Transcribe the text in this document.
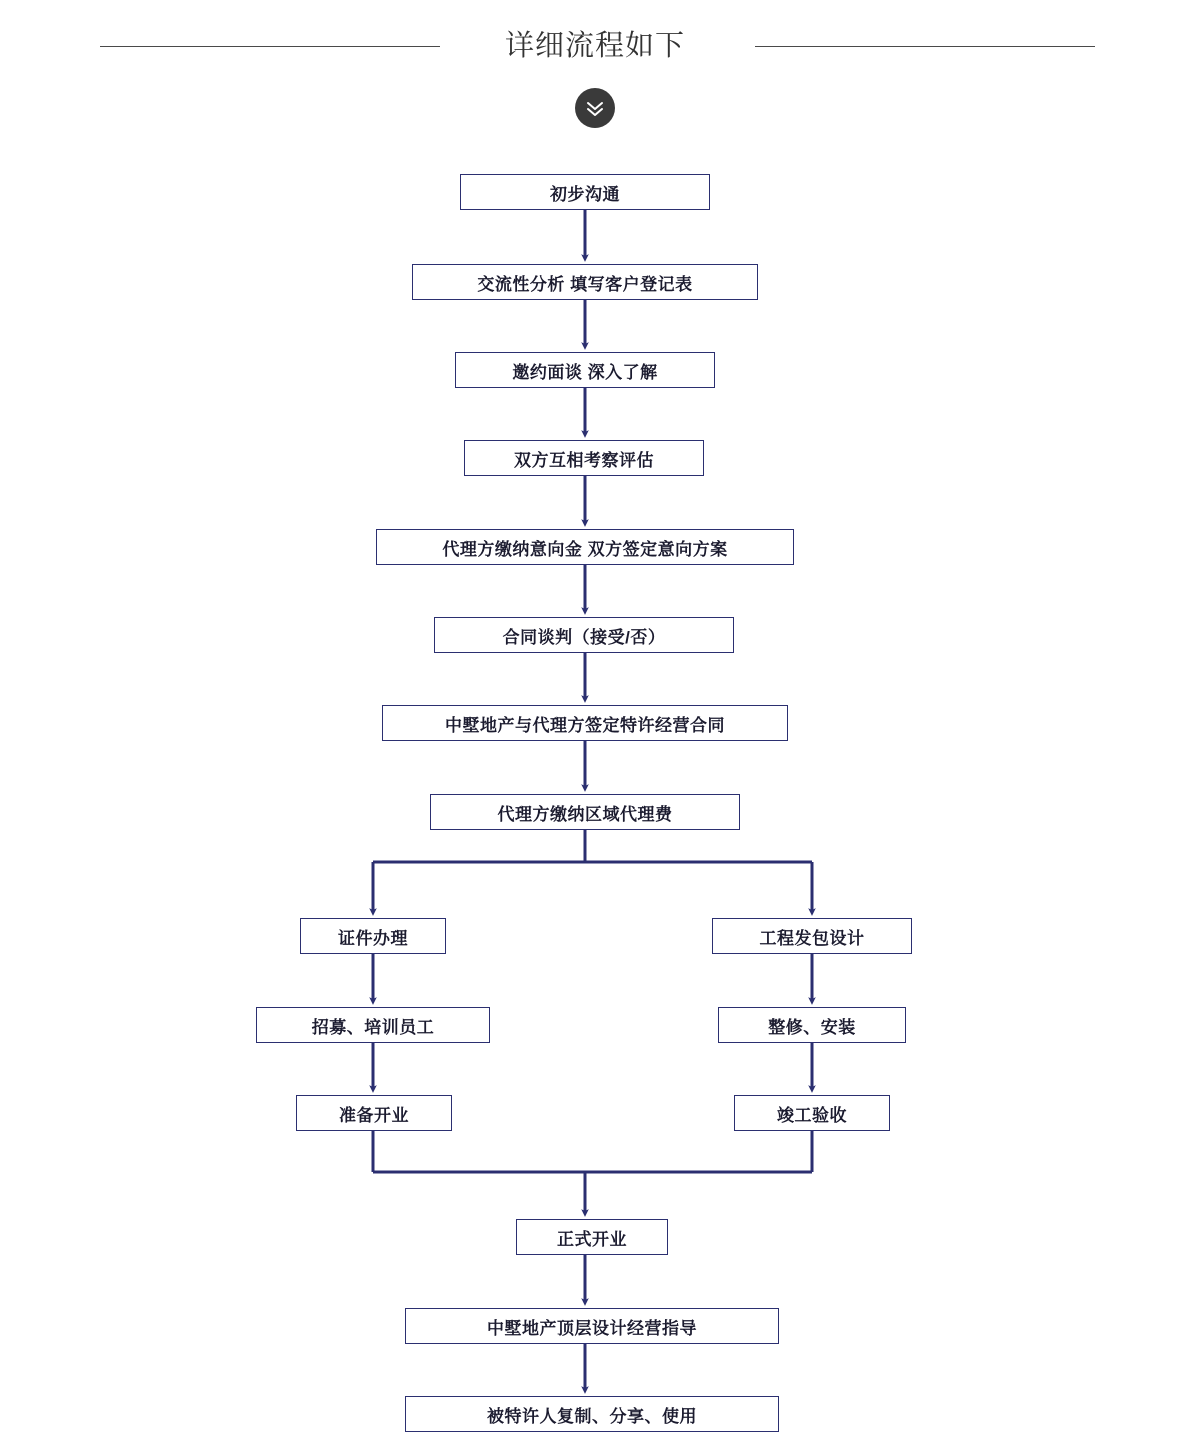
详细流程如下
初步沟通
交流性分析 填写客户登记表
邀约面谈 深入了解
双方互相考察评估
代理方缴纳意向金 双方签定意向方案
合同谈判（接受/否）
中墅地产与代理方签定特许经营合同
代理方缴纳区域代理费
证件办理	工程发包设计
招募、培训员工	整修、安装
准备开业	竣工验收
正式开业
中墅地产顶层设计经营指导
被特许人复制、分享、使用
